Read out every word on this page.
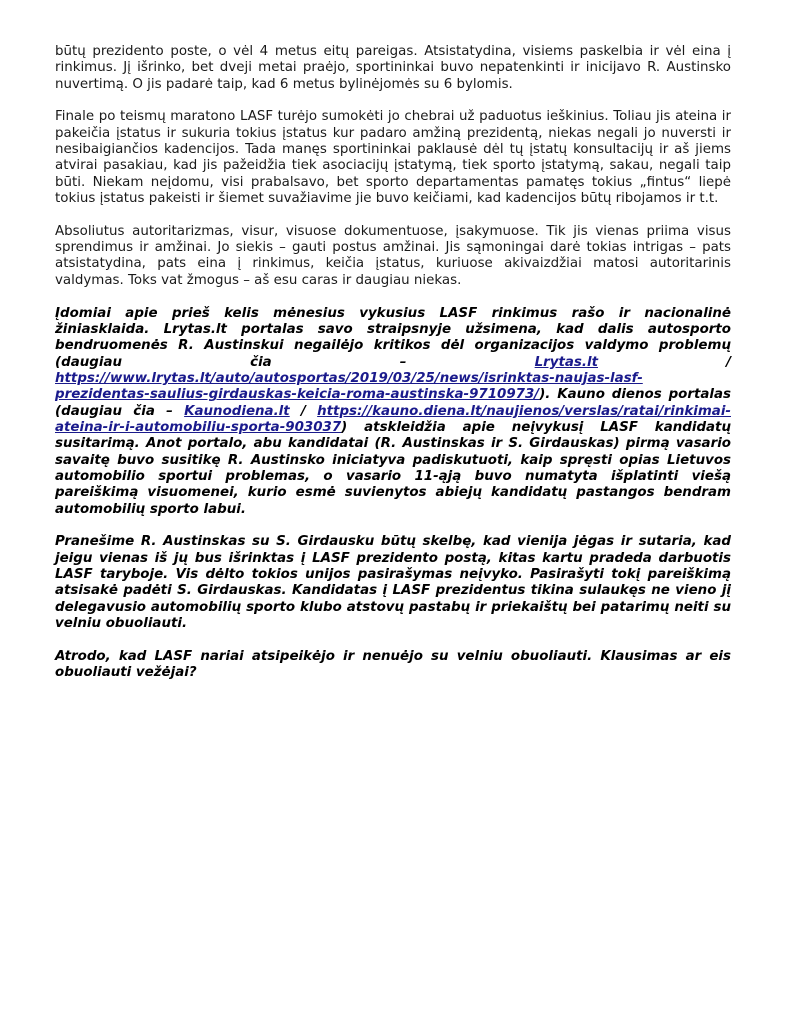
būtų prezidento poste, o vėl 4 metus eitų pareigas. Atsistatydina, visiems paskelbia ir vėl eina į rinkimus. Jį išrinko, bet dveji metai praėjo, sportininkai buvo nepatenkinti ir inicijavo R. Austinsko nuvertimą. O jis padarė taip, kad 6 metus bylinėjomės su 6 bylomis.

Finale po teismų maratono LASF turėjo sumokėti jo chebrai už paduotus ieškinius. Toliau jis ateina ir pakeičia įstatus ir sukuria tokius įstatus kur padaro amžiną prezidentą, niekas negali jo nuversti ir nesibaigiančios kadencijos. Tada manęs sportininkai paklausė dėl tų įstatų konsultacijų ir aš jiems atvirai pasakiau, kad jis pažeidžia tiek asociacijų įstatymą, tiek sporto įstatymą, sakau, negali taip būti. Niekam neįdomu, visi prabalsavo, bet sporto departamentas pamatęs tokius „fintus“ liepė tokius įstatus pakeisti ir šiemet suvažiavime jie buvo keičiami, kad kadencijos būtų ribojamos ir t.t.

Absoliutus autoritarizmas, visur, visuose dokumentuose, įsakymuose. Tik jis vienas priima visus sprendimus ir amžinai. Jo siekis – gauti postus amžinai. Jis sąmoningai darė tokias intrigas – pats atsistatydina, pats eina į rinkimus, keičia įstatus, kuriuose akivaizdžiai matosi autoritarinis valdymas. Toks vat žmogus – aš esu caras ir daugiau niekas.

Įdomiai apie prieš kelis mėnesius vykusius LASF rinkimus rašo ir nacionalinė žiniasklaida. Lrytas.lt portalas savo straipsnyje užsimena, kad dalis autosporto bendruomenės R. Austinskui negailėjo kritikos dėl organizacijos valdymo problemų (daugiau čia – Lrytas.lt / https://www.lrytas.lt/auto/autosportas/2019/03/25/news/isrinktas-naujas-lasf-prezidentas-saulius-girdauskas-keicia-roma-austinska-9710973/). Kauno dienos portalas (daugiau čia – Kaunodiena.lt / https://kauno.diena.lt/naujienos/verslas/ratai/rinkimai-ateina-ir-i-automobiliu-sporta-903037) atskleidžia apie neįvykusį LASF kandidatų susitarimą. Anot portalo, abu kandidatai (R. Austinskas ir S. Girdauskas) pirmą vasario savaitę buvo susitikę R. Austinsko iniciatyva padiskutuoti, kaip spręsti opias Lietuvos automobilio sportui problemas, o vasario 11-ąją buvo numatyta išplatinti viešą pareiškimą visuomenei, kurio esmė suvienytos abiejų kandidatų pastangos bendram automobilių sporto labui.

Pranešime R. Austinskas su S. Girdausku būtų skelbę, kad vienija jėgas ir sutaria, kad jeigu vienas iš jų bus išrinktas į LASF prezidento postą, kitas kartu pradeda darbuotis LASF taryboje. Vis dėlto tokios unijos pasirašymas neįvyko. Pasirašyti tokį pareiškimą atsisakė padėti S. Girdauskas. Kandidatas į LASF prezidentus tikina sulaukęs ne vieno jį delegavusio automobilių sporto klubo atstovų pastabų ir priekaištų bei patarimų neiti su velniu obuoliauti.

Atrodo, kad LASF nariai atsipeikėjo ir nenuėjo su velniu obuoliauti. Klausimas ar eis obuoliauti vežėjai?
